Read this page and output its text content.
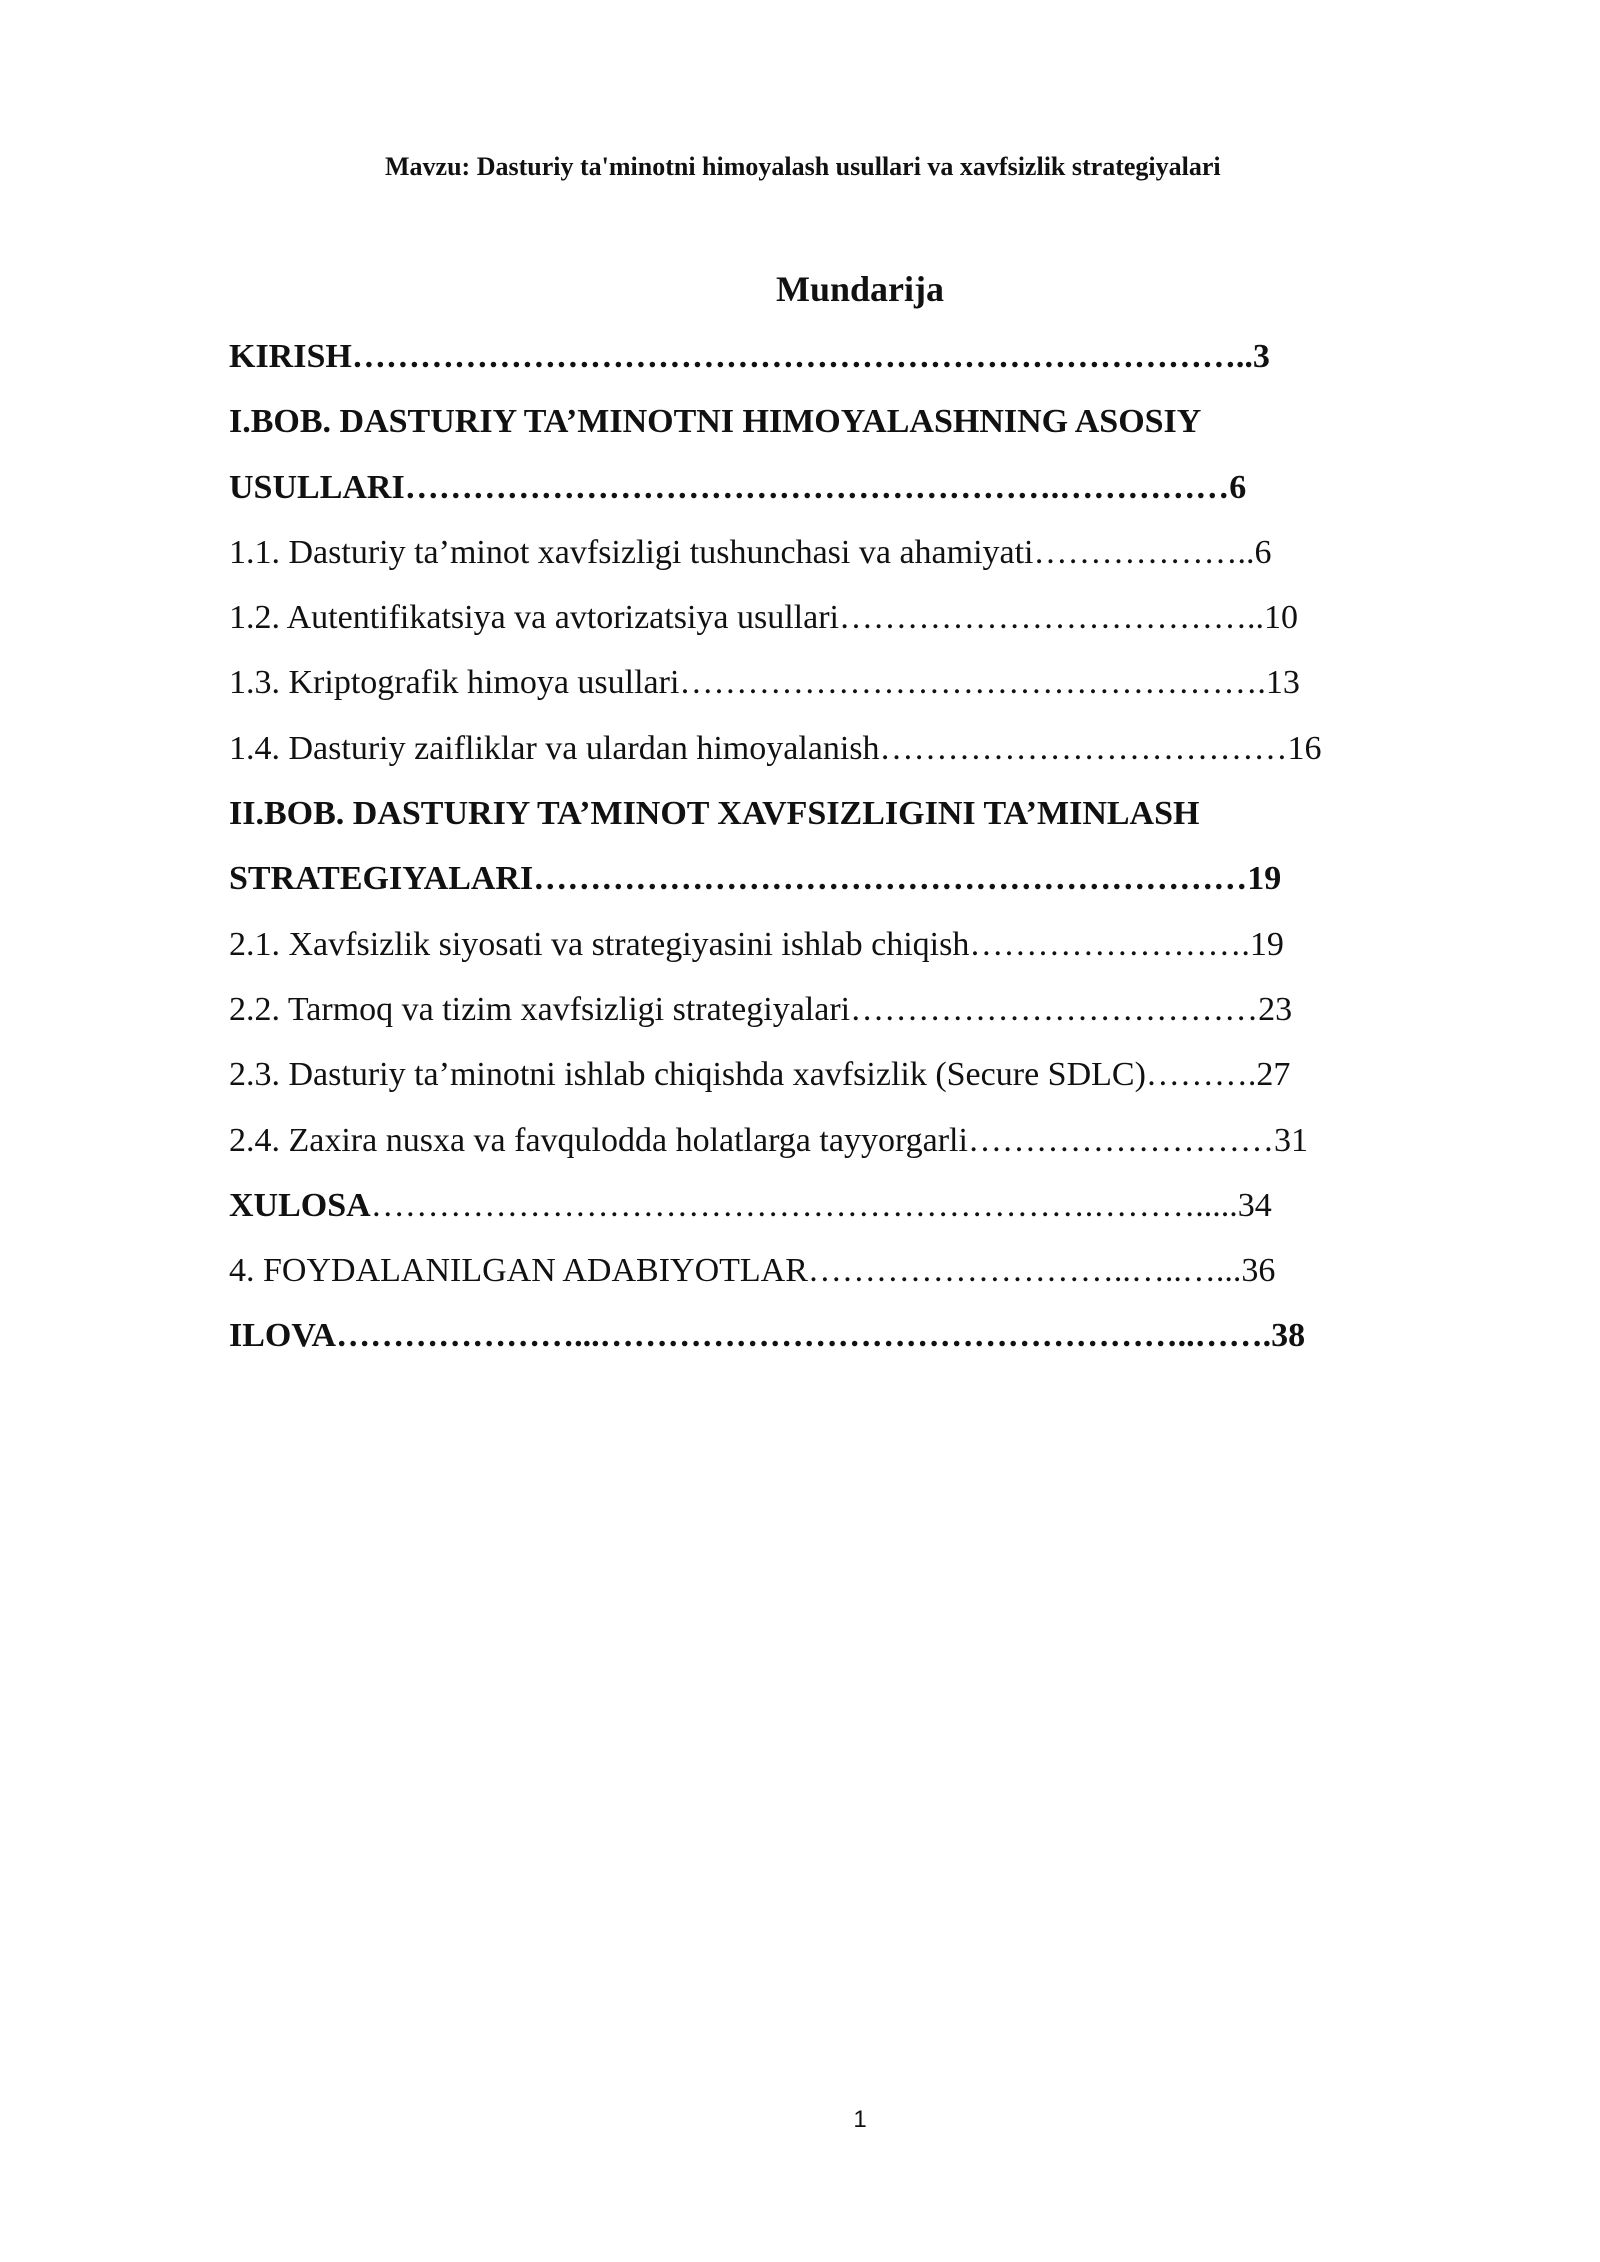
Mavzu: Dasturiy ta'minotni himoyalash usullari va xavfsizlik strategiyalari
Mundarija
KIRISH……………………………………………………………………..3
I.BOB. DASTURIY TA’MINOTNI HIMOYALASHNING ASOSIY
USULLARI………………………………………………….……………6
1.1. Dasturiy ta’minot xavfsizligi tushunchasi va ahamiyati………………..6
1.2. Autentifikatsiya va avtorizatsiya usullari………………………………..10
1.3. Kriptografik himoya usullari…………………………………………….13
1.4. Dasturiy zaifliklar va ulardan himoyalanish………………………………16
II.BOB. DASTURIY TA’MINOT XAVFSIZLIGINI TA’MINLASH
STRATEGIYALARI………………………………………………………19
2.1. Xavfsizlik siyosati va strategiyasini ishlab chiqish…………………….19
2.2. Tarmoq va tizim xavfsizligi strategiyalari………………………………23
2.3. Dasturiy ta’minotni ishlab chiqishda xavfsizlik (Secure SDLC)……….27
2.4. Zaxira nusxa va favqulodda holatlarga tayyorgarli………………………31
XULOSA……………………………………………………….……….....34
4. FOYDALANILGAN ADABIYOTLAR………………………..…..…...36
ILOVA…………………...……………………………………………..…….38
1
